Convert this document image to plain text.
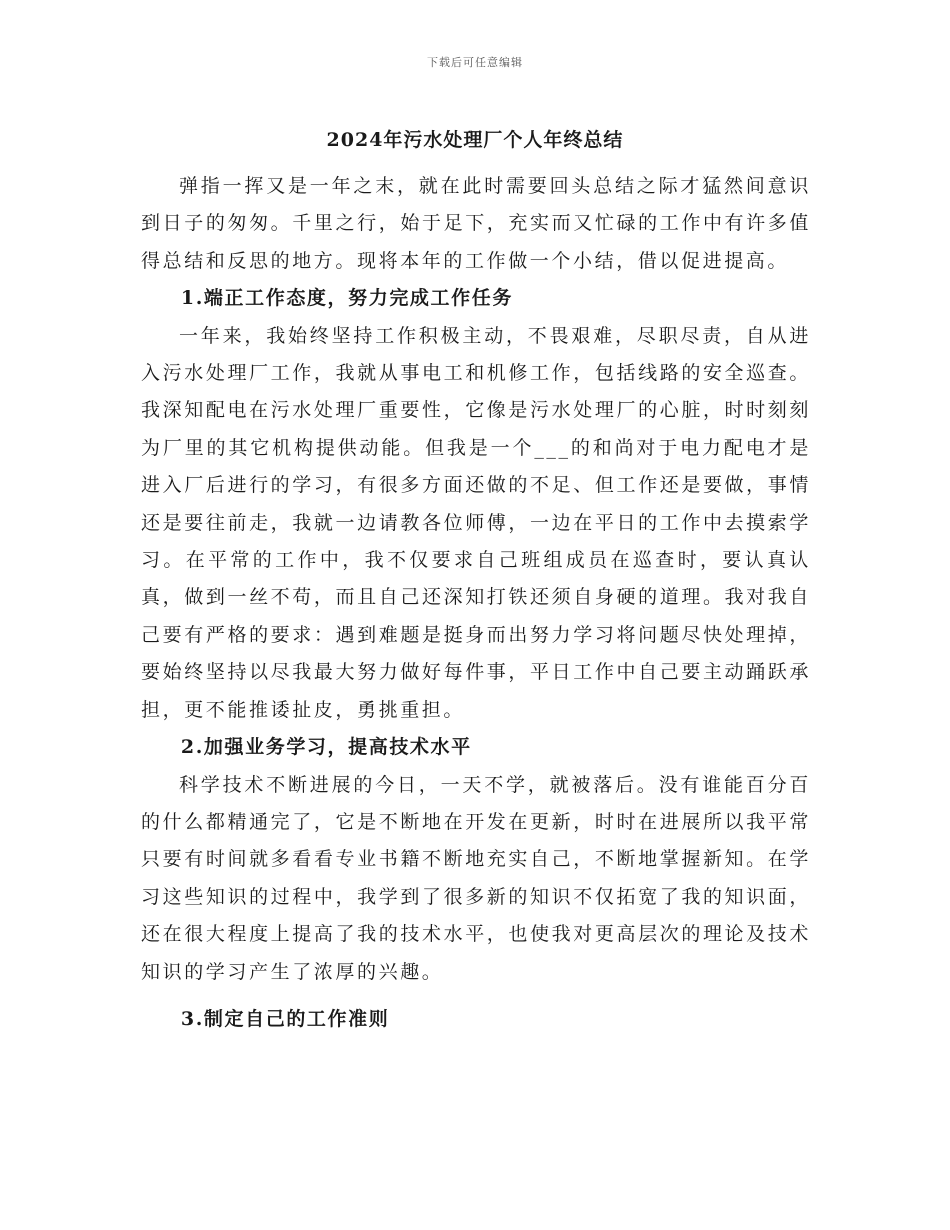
下载后可任意编辑
2024年污水处理厂个人年终总结

弹指一挥又是一年之末，就在此时需要回头总结之际才猛然间意识到日子的匆匆。千里之行，始于足下，充实而又忙碌的工作中有许多值得总结和反思的地方。现将本年的工作做一个小结，借以促进提高。

1.端正工作态度，努力完成工作任务

一年来，我始终坚持工作积极主动，不畏艰难，尽职尽责，自从进入污水处理厂工作，我就从事电工和机修工作，包括线路的安全巡查。我深知配电在污水处理厂重要性，它像是污水处理厂的心脏，时时刻刻为厂里的其它机构提供动能。但我是一个___的和尚对于电力配电才是进入厂后进行的学习，有很多方面还做的不足、但工作还是要做，事情还是要往前走，我就一边请教各位师傅，一边在平日的工作中去摸索学习。在平常的工作中，我不仅要求自己班组成员在巡查时，要认真认真，做到一丝不苟，而且自己还深知打铁还须自身硬的道理。我对我自己要有严格的要求：遇到难题是挺身而出努力学习将问题尽快处理掉，要始终坚持以尽我最大努力做好每件事，平日工作中自己要主动踊跃承担，更不能推诿扯皮，勇挑重担。

2.加强业务学习，提高技术水平

科学技术不断进展的今日，一天不学，就被落后。没有谁能百分百的什么都精通完了，它是不断地在开发在更新，时时在进展所以我平常只要有时间就多看看专业书籍不断地充实自己，不断地掌握新知。在学习这些知识的过程中，我学到了很多新的知识不仅拓宽了我的知识面，还在很大程度上提高了我的技术水平，也使我对更高层次的理论及技术知识的学习产生了浓厚的兴趣。

3.制定自己的工作准则
